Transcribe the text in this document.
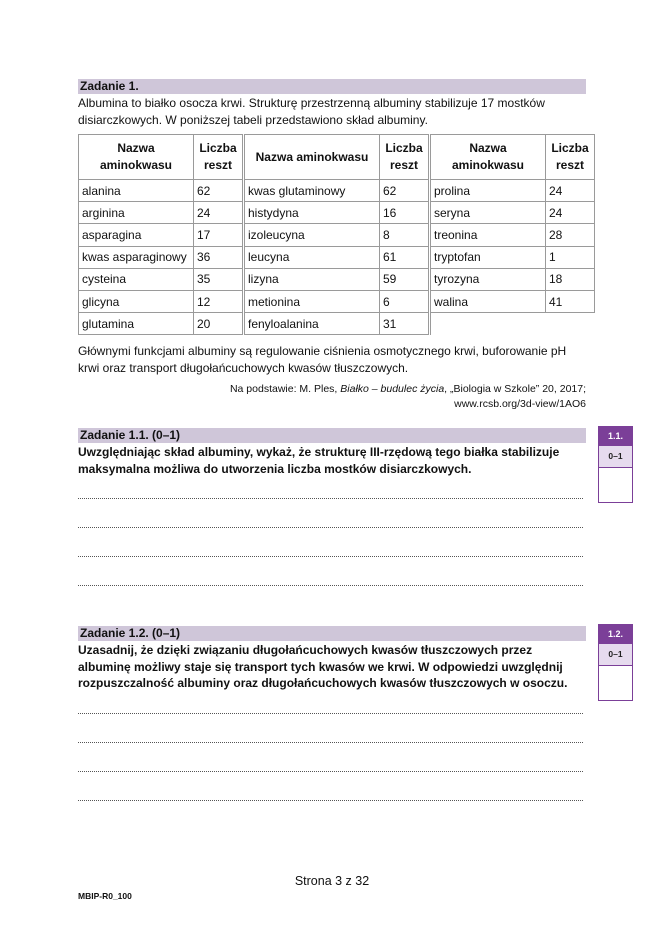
Zadanie 1.
Albumina to białko osocza krwi. Strukturę przestrzenną albuminy stabilizuje 17 mostków disiarczkowych. W poniższej tabeli przedstawiono skład albuminy.
Nazwa aminokwasu	Liczba reszt	Nazwa aminokwasu	Liczba reszt	Nazwa aminokwasu	Liczba reszt
alanina	62	kwas glutaminowy	62	prolina	24
arginina	24	histydyna	16	seryna	24
asparagina	17	izoleucyna	8	treonina	28
kwas asparaginowy	36	leucyna	61	tryptofan	1
cysteina	35	lizyna	59	tyrozyna	18
glicyna	12	metionina	6	walina	41
glutamina	20	fenyloalanina	31		
Głównymi funkcjami albuminy są regulowanie ciśnienia osmotycznego krwi, buforowanie pH krwi oraz transport długołańcuchowych kwasów tłuszczowych.
Na podstawie: M. Ples, Białko – budulec życia, „Biologia w Szkole” 20, 2017;
www.rcsb.org/3d-view/1AO6
Zadanie 1.1. (0–1)
Uwzględniając skład albuminy, wykaż, że strukturę III-rzędową tego białka stabilizuje maksymalna możliwa do utworzenia liczba mostków disiarczkowych.
1.1.
0–1
Zadanie 1.2. (0–1)
Uzasadnij, że dzięki związaniu długołańcuchowych kwasów tłuszczowych przez albuminę możliwy staje się transport tych kwasów we krwi. W odpowiedzi uwzględnij rozpuszczalność albuminy oraz długołańcuchowych kwasów tłuszczowych w osoczu.
1.2.
0–1
Strona 3 z 32
MBIP-R0_100
